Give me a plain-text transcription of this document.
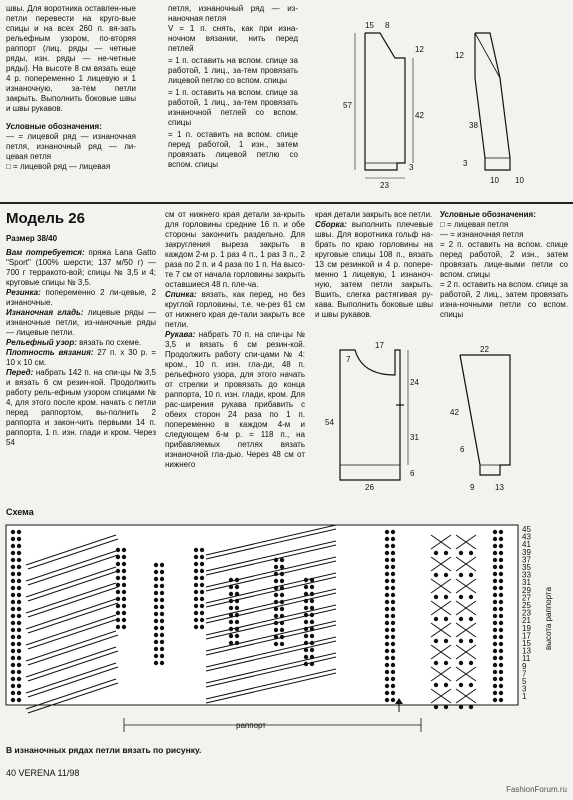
швы. Для воротника оставлен-ные петли перевести на круго-вые спицы и на всех 260 п. вя-зать рельефным узором, по-вторяя раппорт (лиц. ряды — четные ряды, изн. ряды — не-четные ряды). На высоте 8 см вязать еще 4 р. попеременно 1 лицевую и 1 изнаночную, за-тем петли закрыть. Выполнить боковые швы и швы рукавов.

Условные обозначения:

— = лицевой ряд — изнаночная петля, изнаночный ряд — ли-цевая петля

□ = лицевой ряд — лицевая

петля, изнаночный ряд — из-наночная петля

V = 1 п. снять, как при изна-ночном вязании, нить перед петлей

= 1 п. оставить на вспом. спице за работой, 1 лиц., за-тем провязать лицевой петлю со вспом. спицы

= 1 п. оставить на вспом. спице за работой, 1 лиц., за-тем провязать изнаночной петлей со вспом. спицы

= 1 п. оставить на вспом. спице перед работой, 1 изн., затем провязать лицевой петлю со вспом. спицы

15 8
12
57
42
3
23
12
38
3
10 10
Модель 26

Размер 38/40

Вам потребуется: пряжа Lana Gatto "Sport" (100% шерсти; 137 м/50 г) — 700 г терракото-вой; спицы № 3,5 и 4; круговые спицы № 3,5.

Резинка: попеременно 2 ли-цевые, 2 изнаночные.

Изнаночная гладь: лицевые ряды — изнаночные петли, из-наночные ряды — лицевые петли.

Рельефный узор: вязать по схеме.

Плотность вязания: 27 п. х 30 р. = 10 х 10 см.

Перед: набрать 142 п. на спи-цы № 3,5 и вязать 6 см резин-кой. Продолжить работу рель-ефным узором спицами № 4, для этого после кром. начать с петли перед раппортом, вы-полнить 2 раппорта и закон-чить первыми 14 п. раппорта, 1 п. изн. глади и кром. Через 54

см от нижнего края детали за-крыть для горловины средние 16 п. и обе стороны закончить раздельно. Для закругления выреза закрыть в каждом 2-м р. 1 раз 4 п., 1 раз 3 п., 2 раза по 2 п. и 4 раза по 1 п. На высо-те 7 см от начала горловины закрыть оставшиеся 48 п. пле-ча.

Спинка: вязать, как перед, но без круглой горловины, т.е. че-рез 61 см от нижнего края де-тали закрыть все петли.

Рукава: набрать 70 п. на спи-цы № 3,5 и вязать 6 см резин-кой. Продолжить работу спи-цами № 4: кром., 10 п. изн. гла-ди, 48 п. рельефного узора, для этого начать от стрелки и провязать до конца раппорта, 10 п. изн. глади, кром. Для рас-ширения рукава прибавить с обеих сторон 24 раза по 1 п. попеременно в каждом 4-м и следующем 6-м р. = 118 п., на прибавляемых петлях вязать изнаночной гла-дью. Через 48 см от нижнего

края детали закрыть все петли.

Сборка: выполнить плечевые швы. Для воротника гольф на-брать по краю горловины на круговые спицы 108 п., вязать 13 см резинкой и 4 р. попере-менно 1 лицевую, 1 изнаноч-ную, затем петли закрыть. Вшить, слегка растягивая ру-кава. Выполнить боковые швы и швы рукавов.

Условные обозначения:

□ = лицевая петля

— = изнаночная петля

= 2 п. оставить на вспом. спице перед работой, 2 изн., затем провязать лице-выми петли со вспом. спицы

= 2 п. оставить на вспом. спице за работой, 2 лиц., затем провязать изна-ночными петли со вспом. спицы

7
17
24
54
31
6
26
22
42
6
9	13
Схема
45
43
41
39
37
35
33
31
29
27
25
23
21
19
17
15
13
11
9
7
5
3
1
раппорт
высота раппорта
В изнаночных рядах петли вязать по рисунку.
40 VERENA 11/98
FashionForum.ru
